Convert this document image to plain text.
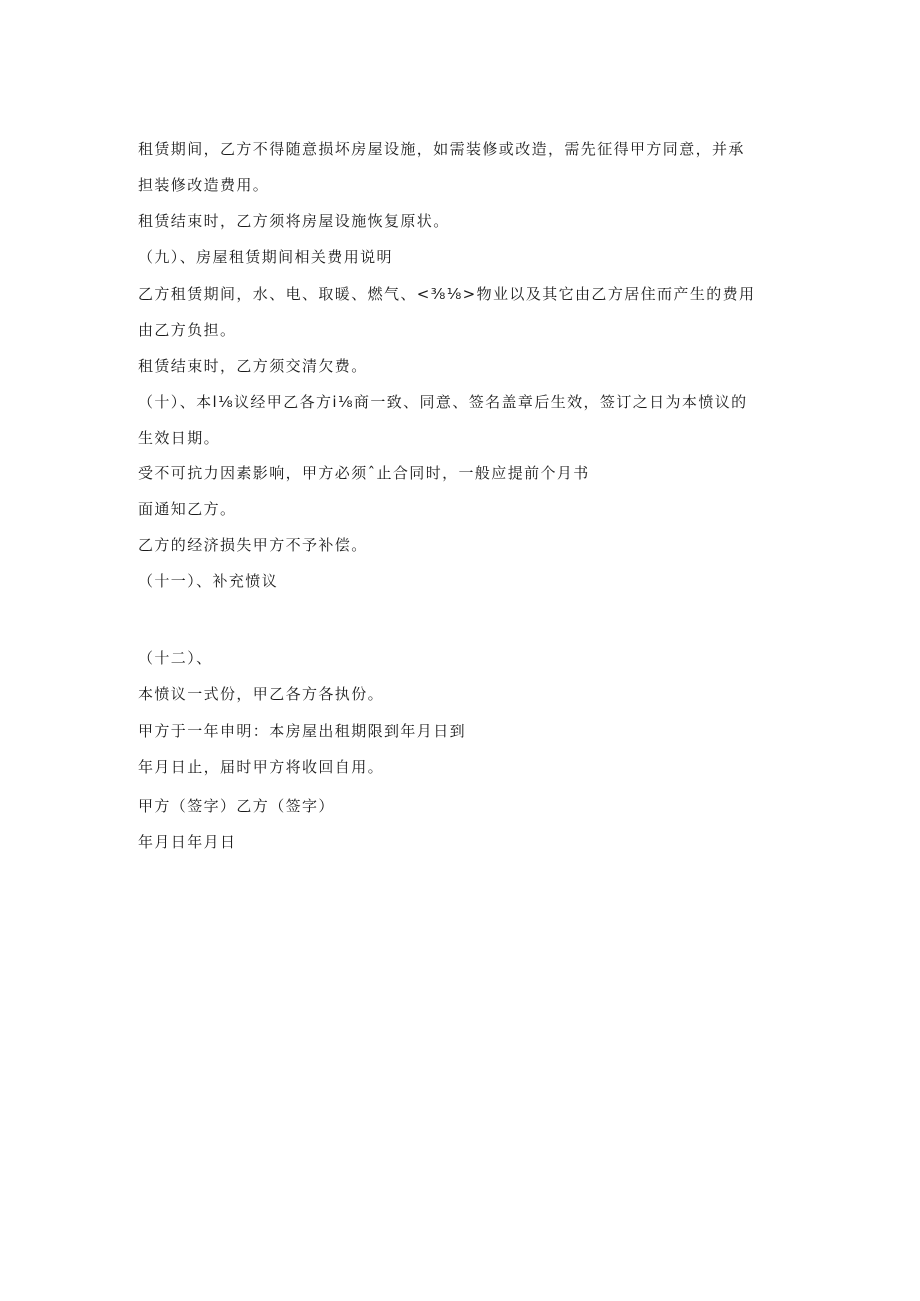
租赁期间，乙方不得随意损坏房屋设施，如需装修或改造，需先征得甲方同意，并承
担装修改造费用。
租赁结束时，乙方须将房屋设施恢复原状。
（九）、房屋租赁期间相关费用说明
乙方租赁期间，水、电、取暖、燃气、<⅜⅛>物业以及其它由乙方居住而产生的费用
由乙方负担。
租赁结束时，乙方须交清欠费。
（十）、本l⅛议经甲乙各方i⅛商一致、同意、签名盖章后生效，签订之日为本愤议的
生效日期。
受不可抗力因素影响，甲方必须ˆ止合同时，一般应提前个月书
面通知乙方。
乙方的经济损失甲方不予补偿。
（十一）、补充愤议
（十二）、
本愤议一式份，甲乙各方各执份。
甲方于一年申明：本房屋出租期限到年月日到
年月日止，届时甲方将收回自用。
甲方（签字）乙方（签字）
年月日年月日
